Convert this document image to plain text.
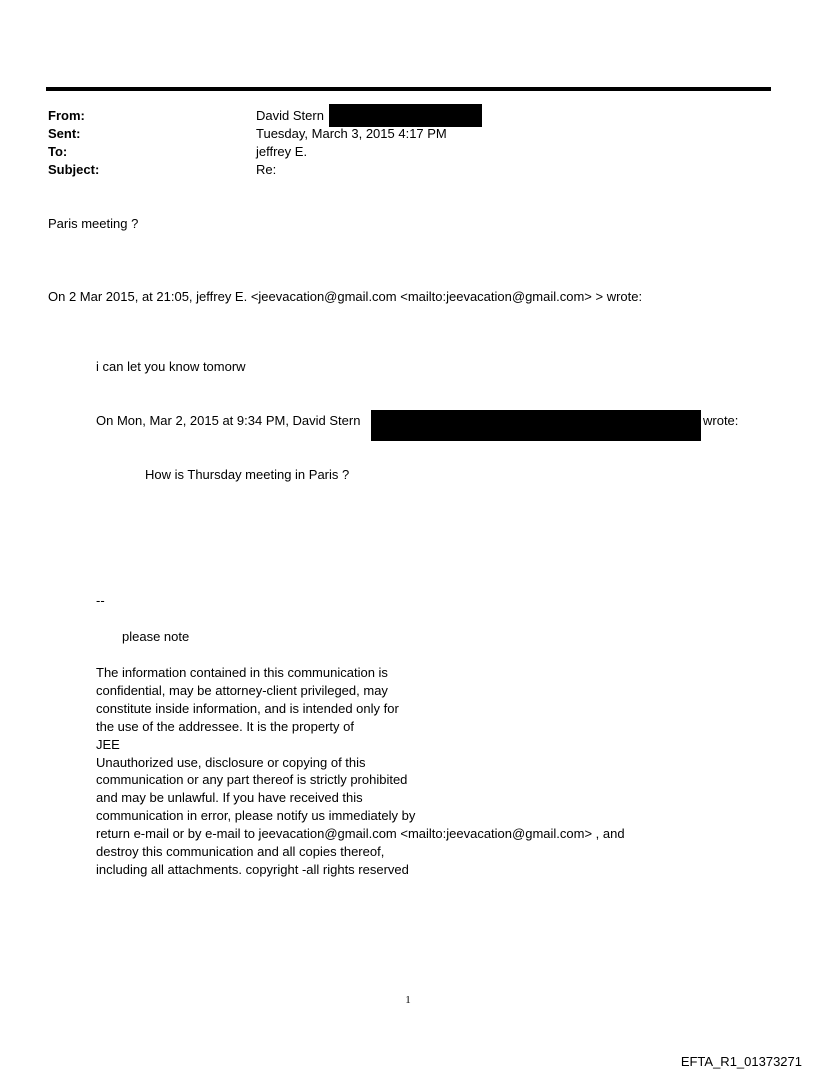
From:	David Stern
Sent:	Tuesday, March 3, 2015 4:17 PM
To:	jeffrey E.
Subject:	Re:
Paris meeting ?
On 2 Mar 2015, at 21:05, jeffrey E. <jeevacation@gmail.com <mailto:jeevacation@gmail.com> > wrote:
i can let you know tomorw
On Mon, Mar 2, 2015 at 9:34 PM, David Stern	wrote:
How is Thursday meeting in Paris ?
--
please note
The information contained in this communication is
confidential, may be attorney-client privileged, may
constitute inside information, and is intended only for
the use of the addressee. It is the property of
JEE
Unauthorized use, disclosure or copying of this
communication or any part thereof is strictly prohibited
and may be unlawful. If you have received this
communication in error, please notify us immediately by
return e-mail or by e-mail to jeevacation@gmail.com <mailto:jeevacation@gmail.com> , and
destroy this communication and all copies thereof,
including all attachments. copyright -all rights reserved
1
EFTA_R1_01373271
